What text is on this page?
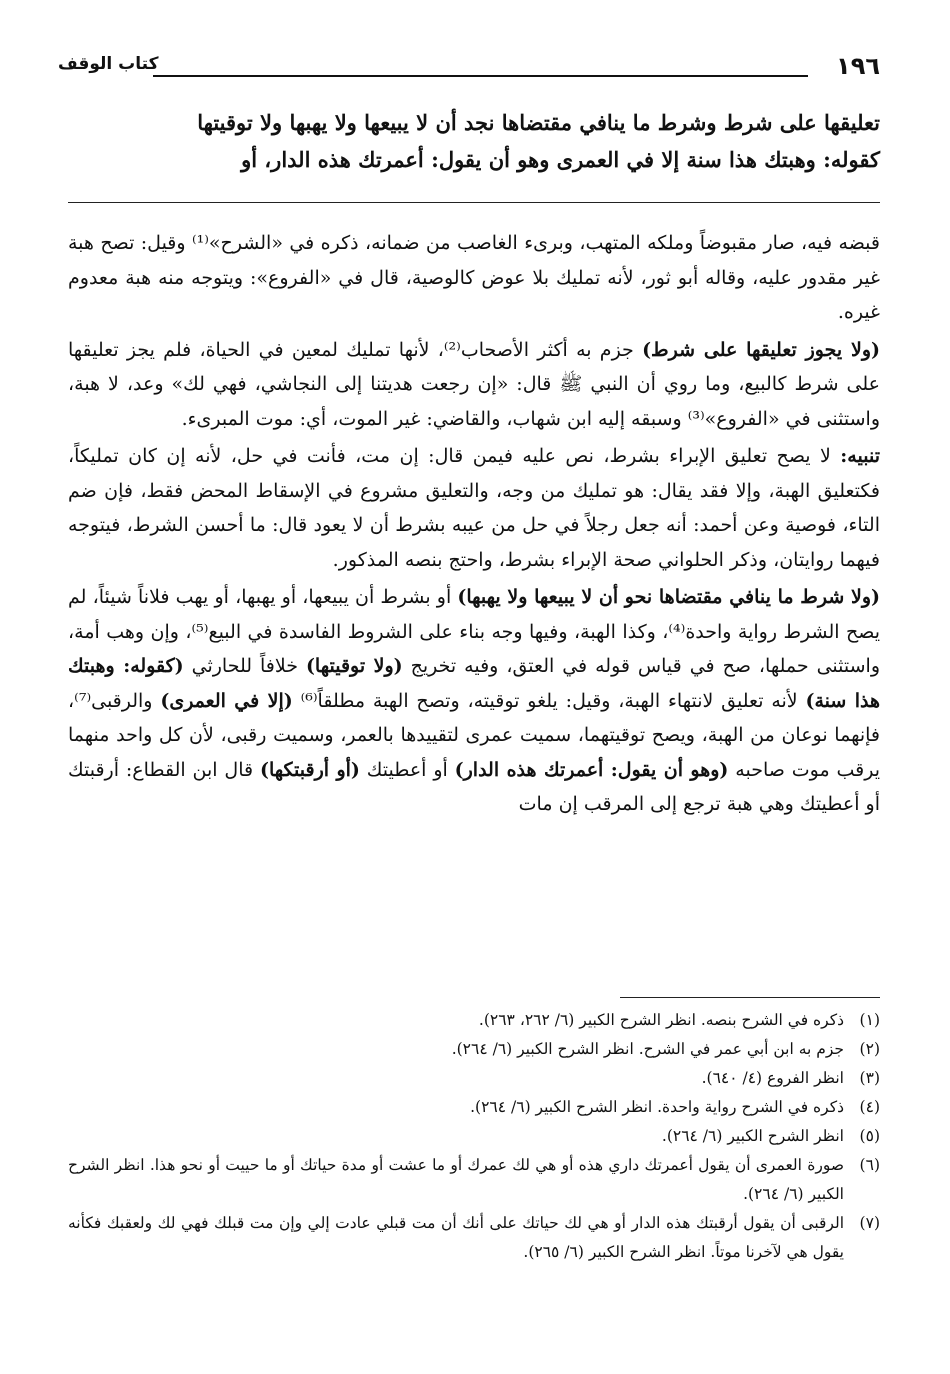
١٩٦
كتاب الوقف
تعليقها على شرط وشرط ما ينافي مقتضاها نجد أن لا يبيعها ولا يهبها ولا توقيتها
كقوله: وهبتك هذا سنة إلا في العمرى وهو أن يقول: أعمرتك هذه الدار، أو

قبضه فيه، صار مقبوضاً وملكه المتهب، وبرىء الغاصب من ضمانه، ذكره في «الشرح»⁽¹⁾ وقيل: تصح هبة غير مقدور عليه، وقاله أبو ثور، لأنه تمليك بلا عوض كالوصية، قال في «الفروع»: ويتوجه منه هبة معدوم غيره.

(ولا يجوز تعليقها على شرط) جزم به أكثر الأصحاب⁽²⁾، لأنها تمليك لمعين في الحياة، فلم يجز تعليقها على شرط كالبيع، وما روي أن النبي ﷺ قال: «إن رجعت هديتنا إلى النجاشي، فهي لك» وعد، لا هبة، واستثنى في «الفروع»⁽³⁾ وسبقه إليه ابن شهاب، والقاضي: غير الموت، أي: موت المبرىء.

تنبيه: لا يصح تعليق الإبراء بشرط، نص عليه فيمن قال: إن مت، فأنت في حل، لأنه إن كان تمليكاً، فكتعليق الهبة، وإلا فقد يقال: هو تمليك من وجه، والتعليق مشروع في الإسقاط المحض فقط، فإن ضم التاء، فوصية وعن أحمد: أنه جعل رجلاً في حل من عيبه بشرط أن لا يعود قال: ما أحسن الشرط، فيتوجه فيهما روايتان، وذكر الحلواني صحة الإبراء بشرط، واحتج بنصه المذكور.

(ولا شرط ما ينافي مقتضاها نحو أن لا يبيعها ولا يهبها) أو بشرط أن يبيعها، أو يهبها، أو يهب فلاناً شيئاً، لم يصح الشرط رواية واحدة⁽⁴⁾، وكذا الهبة، وفيها وجه بناء على الشروط الفاسدة في البيع⁽⁵⁾، وإن وهب أمة، واستثنى حملها، صح في قياس قوله في العتق، وفيه تخريج (ولا توقيتها) خلافاً للحارثي (كقوله: وهبتك هذا سنة) لأنه تعليق لانتهاء الهبة، وقيل: يلغو توقيته، وتصح الهبة مطلقاً⁽⁶⁾ (إلا في العمرى) والرقبى⁽⁷⁾، فإنهما نوعان من الهبة، ويصح توقيتهما، سميت عمرى لتقييدها بالعمر، وسميت رقبى، لأن كل واحد منهما يرقب موت صاحبه (وهو أن يقول: أعمرتك هذه الدار) أو أعطيتك (أو أرقبتكها) قال ابن القطاع: أرقبتك أو أعطيتك وهي هبة ترجع إلى المرقب إن مات

(١)
ذكره في الشرح بنصه. انظر الشرح الكبير (٦/ ٢٦٢، ٢٦٣).
(٢)
جزم به ابن أبي عمر في الشرح. انظر الشرح الكبير (٦/ ٢٦٤).
(٣)
انظر الفروع (٤/ ٦٤٠).
(٤)
ذكره في الشرح رواية واحدة. انظر الشرح الكبير (٦/ ٢٦٤).
(٥)
انظر الشرح الكبير (٦/ ٢٦٤).
(٦)
صورة العمرى أن يقول أعمرتك داري هذه أو هي لك عمرك أو ما عشت أو مدة حياتك أو ما حييت أو نحو هذا. انظر الشرح الكبير (٦/ ٢٦٤).
(٧)
الرقبى أن يقول أرقبتك هذه الدار أو هي لك حياتك على أنك أن مت قبلي عادت إلي وإن مت قبلك فهي لك ولعقبك فكأنه يقول هي لآخرنا موتاً. انظر الشرح الكبير (٦/ ٢٦٥).
